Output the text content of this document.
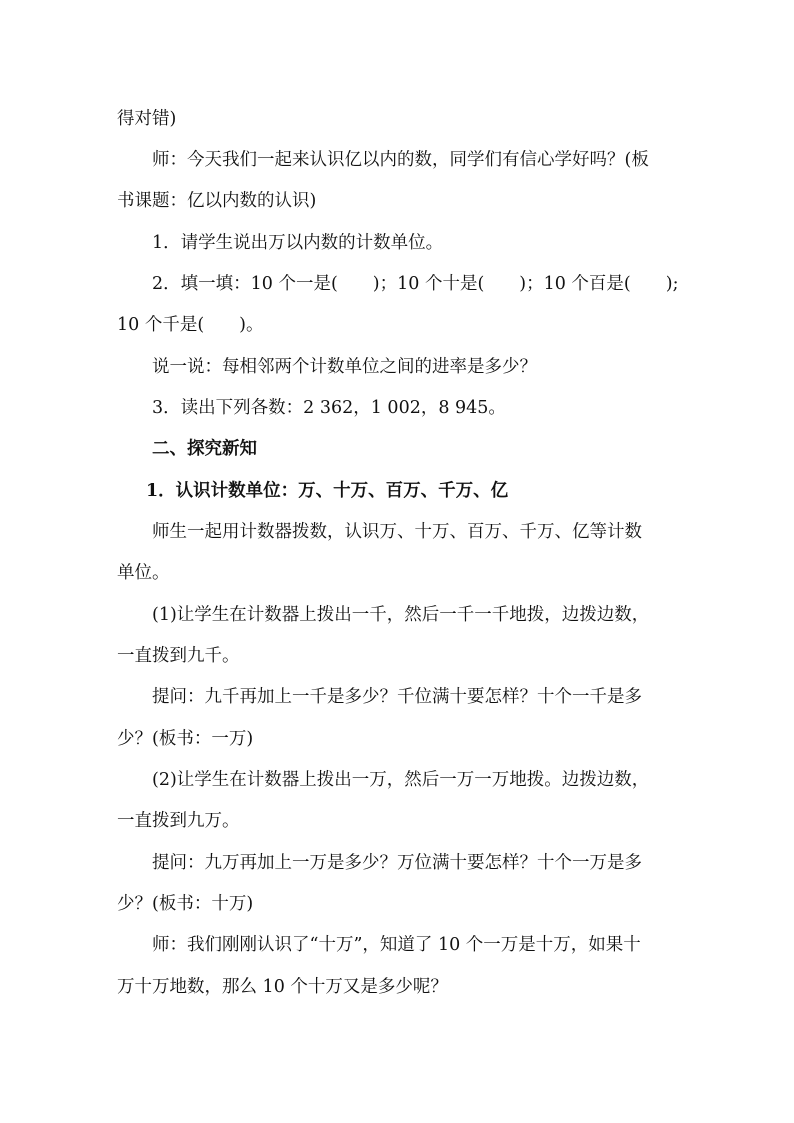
得对错)
师：今天我们一起来认识亿以内的数，同学们有信心学好吗？(板
书课题：亿以内数的认识)
1．请学生说出万以内数的计数单位。
2．填一填：10 个一是(　　)；10 个十是(　　)；10 个百是(　　);
10 个千是(　　)。
说一说：每相邻两个计数单位之间的进率是多少？
3．读出下列各数：2 362，1 002，8 945。
二、探究新知
1．认识计数单位：万、十万、百万、千万、亿
师生一起用计数器拨数，认识万、十万、百万、千万、亿等计数
单位。
(1)让学生在计数器上拨出一千，然后一千一千地拨，边拨边数，
一直拨到九千。
提问：九千再加上一千是多少？千位满十要怎样？十个一千是多
少？(板书：一万)
(2)让学生在计数器上拨出一万，然后一万一万地拨。边拨边数，
一直拨到九万。
提问：九万再加上一万是多少？万位满十要怎样？十个一万是多
少？(板书：十万)
师：我们刚刚认识了“十万”，知道了 10 个一万是十万，如果十
万十万地数，那么 10 个十万又是多少呢？
